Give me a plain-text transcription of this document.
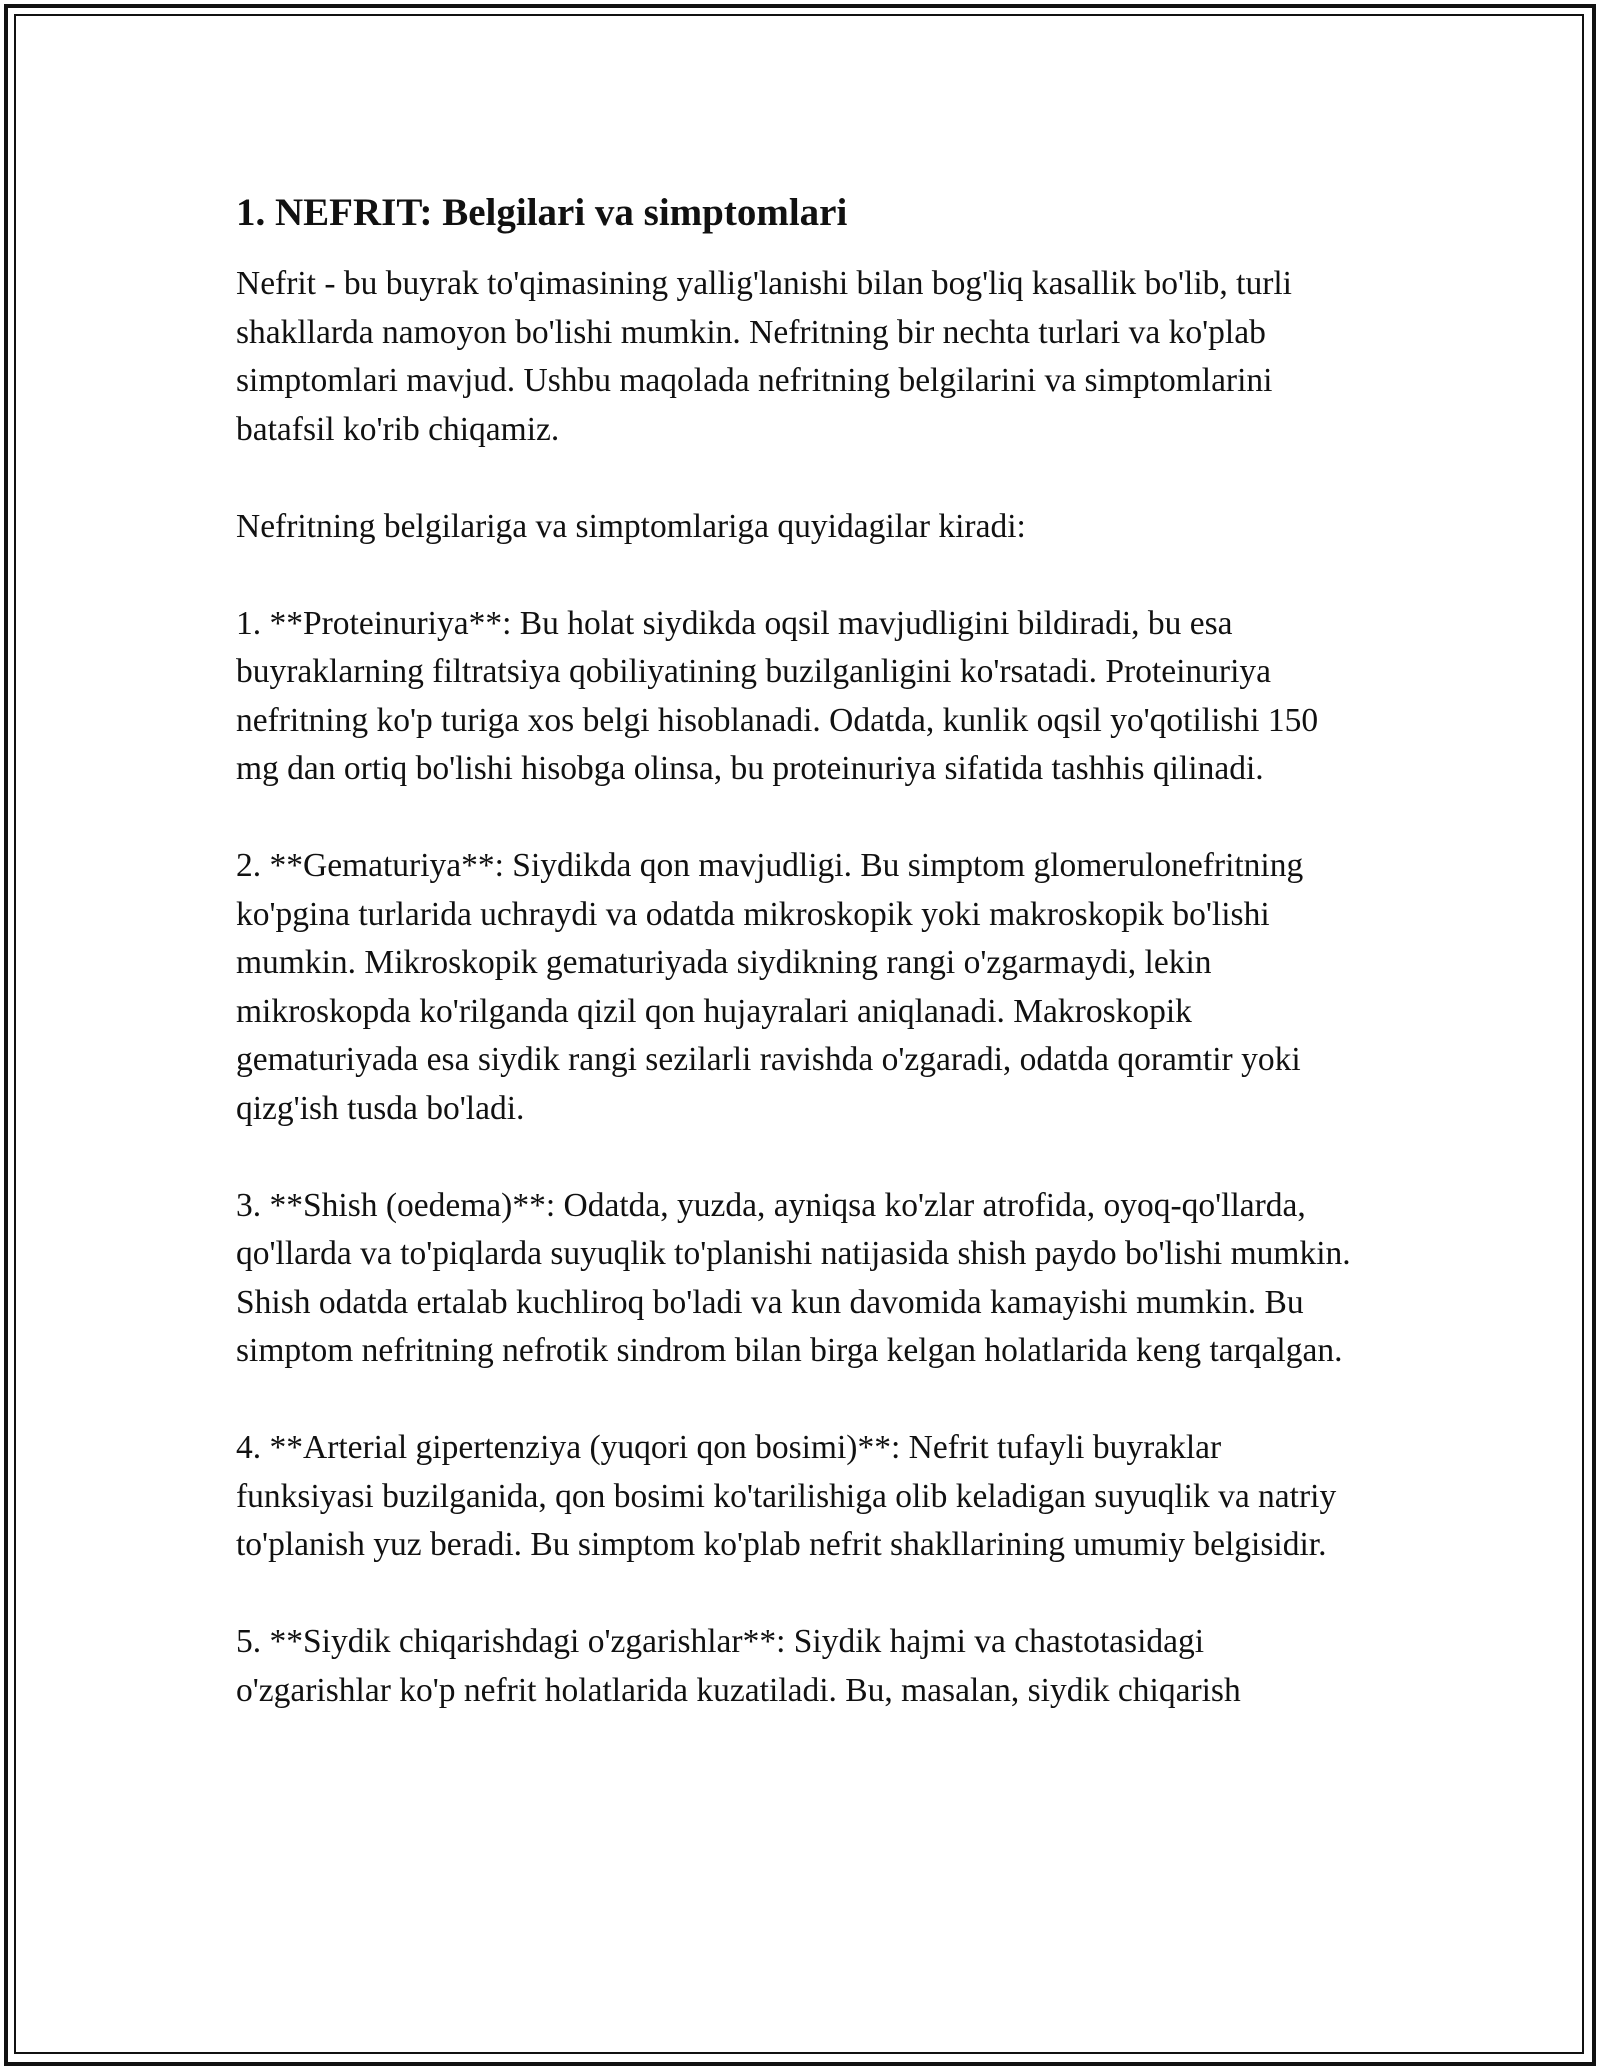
1. NEFRIT: Belgilari va simptomlari

Nefrit - bu buyrak to'qimasining yallig'lanishi bilan bog'liq kasallik bo'lib, turli shakllarda namoyon bo'lishi mumkin. Nefritning bir nechta turlari va ko'plab simptomlari mavjud. Ushbu maqolada nefritning belgilarini va simptomlarini batafsil ko'rib chiqamiz.

Nefritning belgilariga va simptomlariga quyidagilar kiradi:

1. **Proteinuriya**: Bu holat siydikda oqsil mavjudligini bildiradi, bu esa buyraklarning filtratsiya qobiliyatining buzilganligini ko'rsatadi. Proteinuriya nefritning ko'p turiga xos belgi hisoblanadi. Odatda, kunlik oqsil yo'qotilishi 150 mg dan ortiq bo'lishi hisobga olinsa, bu proteinuriya sifatida tashhis qilinadi.

2. **Gematuriya**: Siydikda qon mavjudligi. Bu simptom glomerulonefritning ko'pgina turlarida uchraydi va odatda mikroskopik yoki makroskopik bo'lishi mumkin. Mikroskopik gematuriyada siydikning rangi o'zgarmaydi, lekin mikroskopda ko'rilganda qizil qon hujayralari aniqlanadi. Makroskopik gematuriyada esa siydik rangi sezilarli ravishda o'zgaradi, odatda qoramtir yoki qizg'ish tusda bo'ladi.

3. **Shish (oedema)**: Odatda, yuzda, ayniqsa ko'zlar atrofida, oyoq-qo'llarda, qo'llarda va to'piqlarda suyuqlik to'planishi natijasida shish paydo bo'lishi mumkin. Shish odatda ertalab kuchliroq bo'ladi va kun davomida kamayishi mumkin. Bu simptom nefritning nefrotik sindrom bilan birga kelgan holatlarida keng tarqalgan.

4. **Arterial gipertenziya (yuqori qon bosimi)**: Nefrit tufayli buyraklar funksiyasi buzilganida, qon bosimi ko'tarilishiga olib keladigan suyuqlik va natriy to'planish yuz beradi. Bu simptom ko'plab nefrit shakllarining umumiy belgisidir.

5. **Siydik chiqarishdagi o'zgarishlar**: Siydik hajmi va chastotasidagi o'zgarishlar ko'p nefrit holatlarida kuzatiladi. Bu, masalan, siydik chiqarish
